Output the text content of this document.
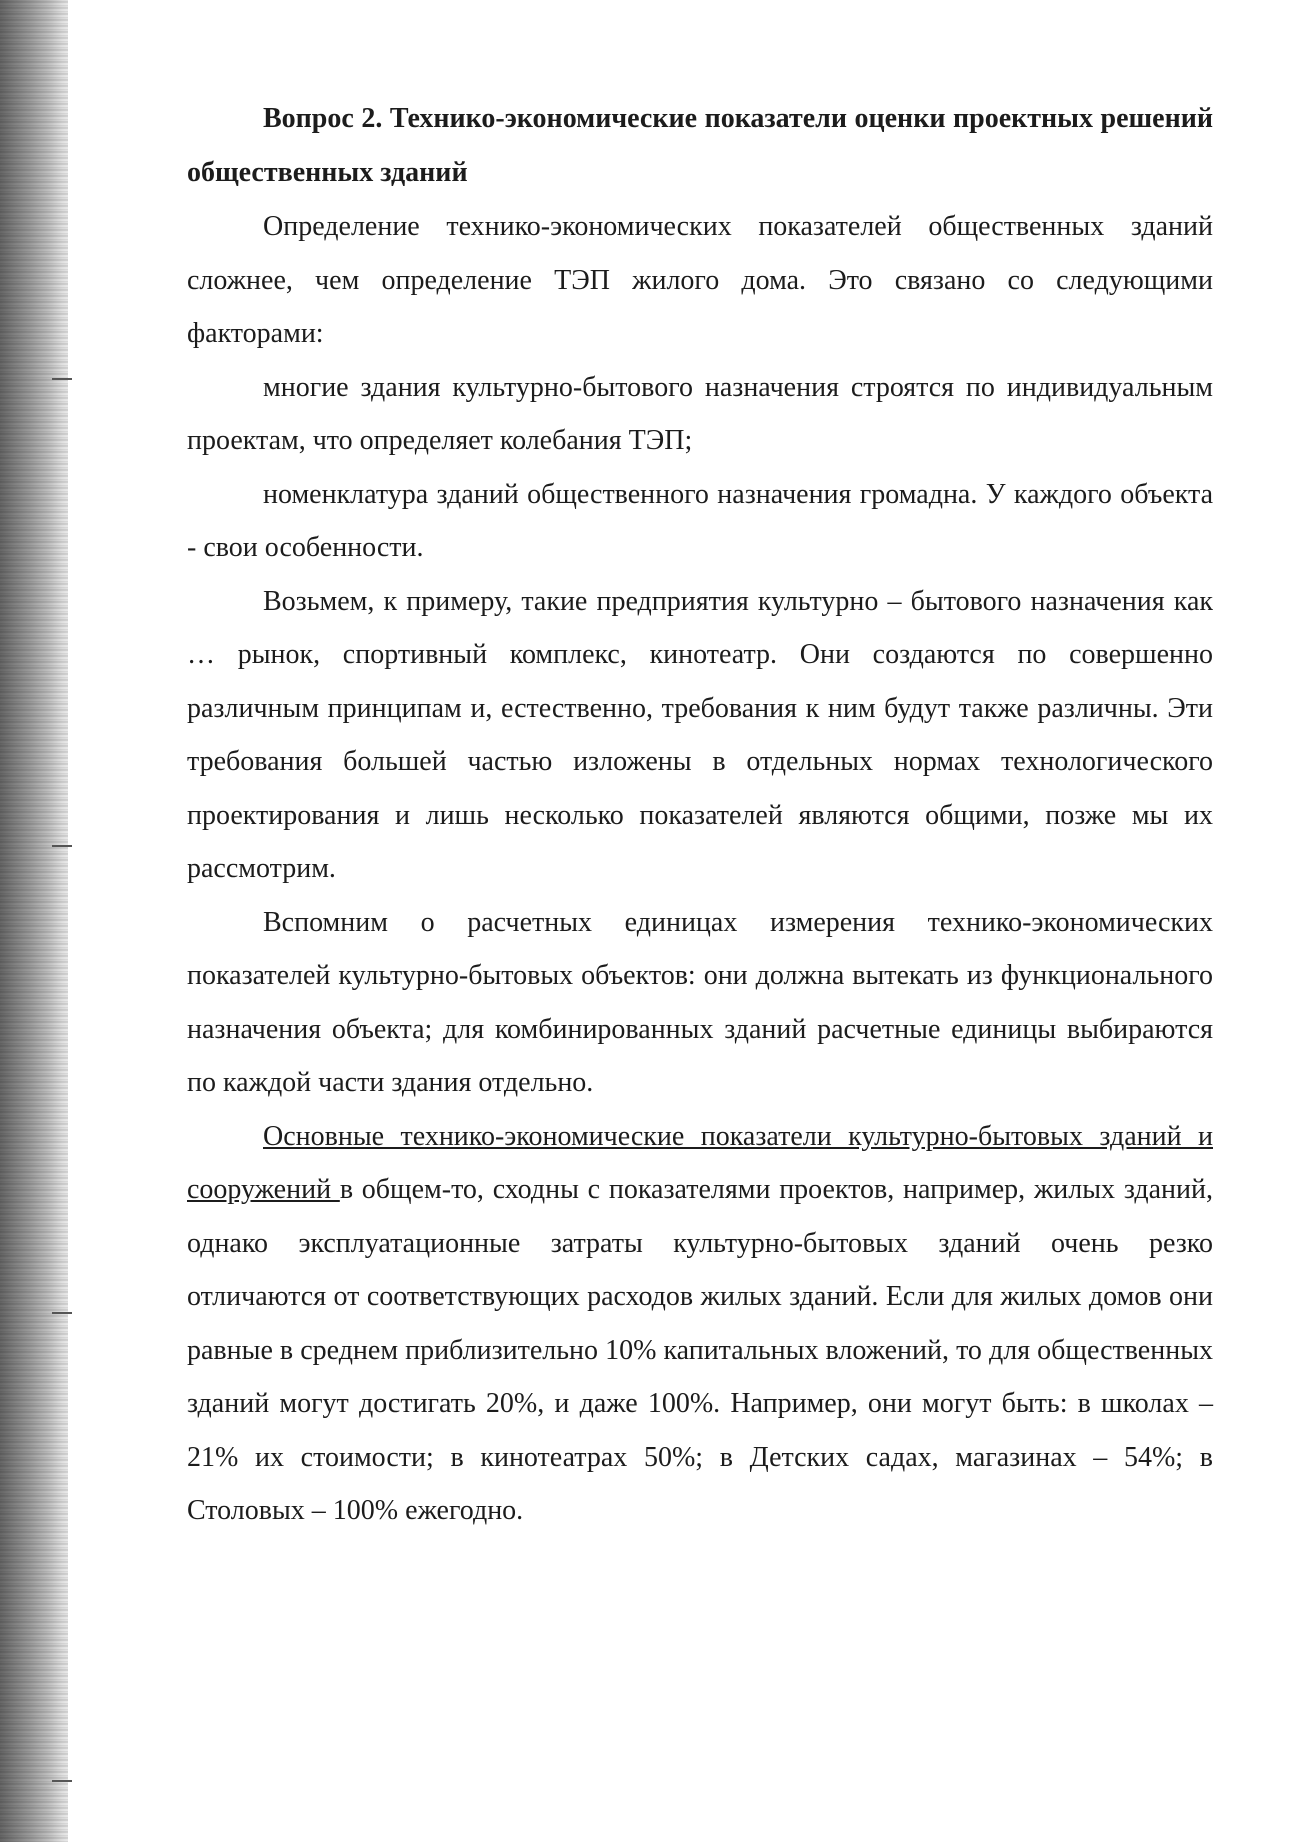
Вопрос 2. Технико-экономические показатели оценки проектных решений общественных зданий

Определение технико-экономических показателей общественных зданий сложнее, чем определение ТЭП жилого дома. Это связано со следующими факторами:

многие здания культурно-бытового назначения строятся по индивидуальным проектам, что определяет колебания ТЭП;

номенклатура зданий общественного назначения громадна. У каждого объекта - свои особенности.

Возьмем, к примеру, такие предприятия культурно – бытового назначения как … рынок, спортивный комплекс, кинотеатр. Они создаются по совершенно различным принципам и, естественно, требования к ним будут также различны. Эти требования большей частью изложены в отдельных нормах технологического проектирования и лишь несколько показателей являются общими, позже мы их рассмотрим.

Вспомним о расчетных единицах измерения технико-экономических показателей культурно-бытовых объектов: они должна вытекать из функционального назначения объекта; для комбинированных зданий расчетные единицы выбираются по каждой части здания отдельно.

Основные технико-экономические показатели культурно-бытовых зданий и сооружений в общем-то, сходны с показателями проектов, например, жилых зданий, однако эксплуатационные затраты культурно-бытовых зданий очень резко отличаются от соответствующих расходов жилых зданий. Если для жилых домов они равные в среднем приблизительно 10% капитальных вложений, то для общественных зданий могут достигать 20%, и даже 100%. Например, они могут быть: в школах – 21% их стоимости; в кинотеатрах 50%; в Детских садах, магазинах – 54%; в Столовых – 100% ежегодно.
